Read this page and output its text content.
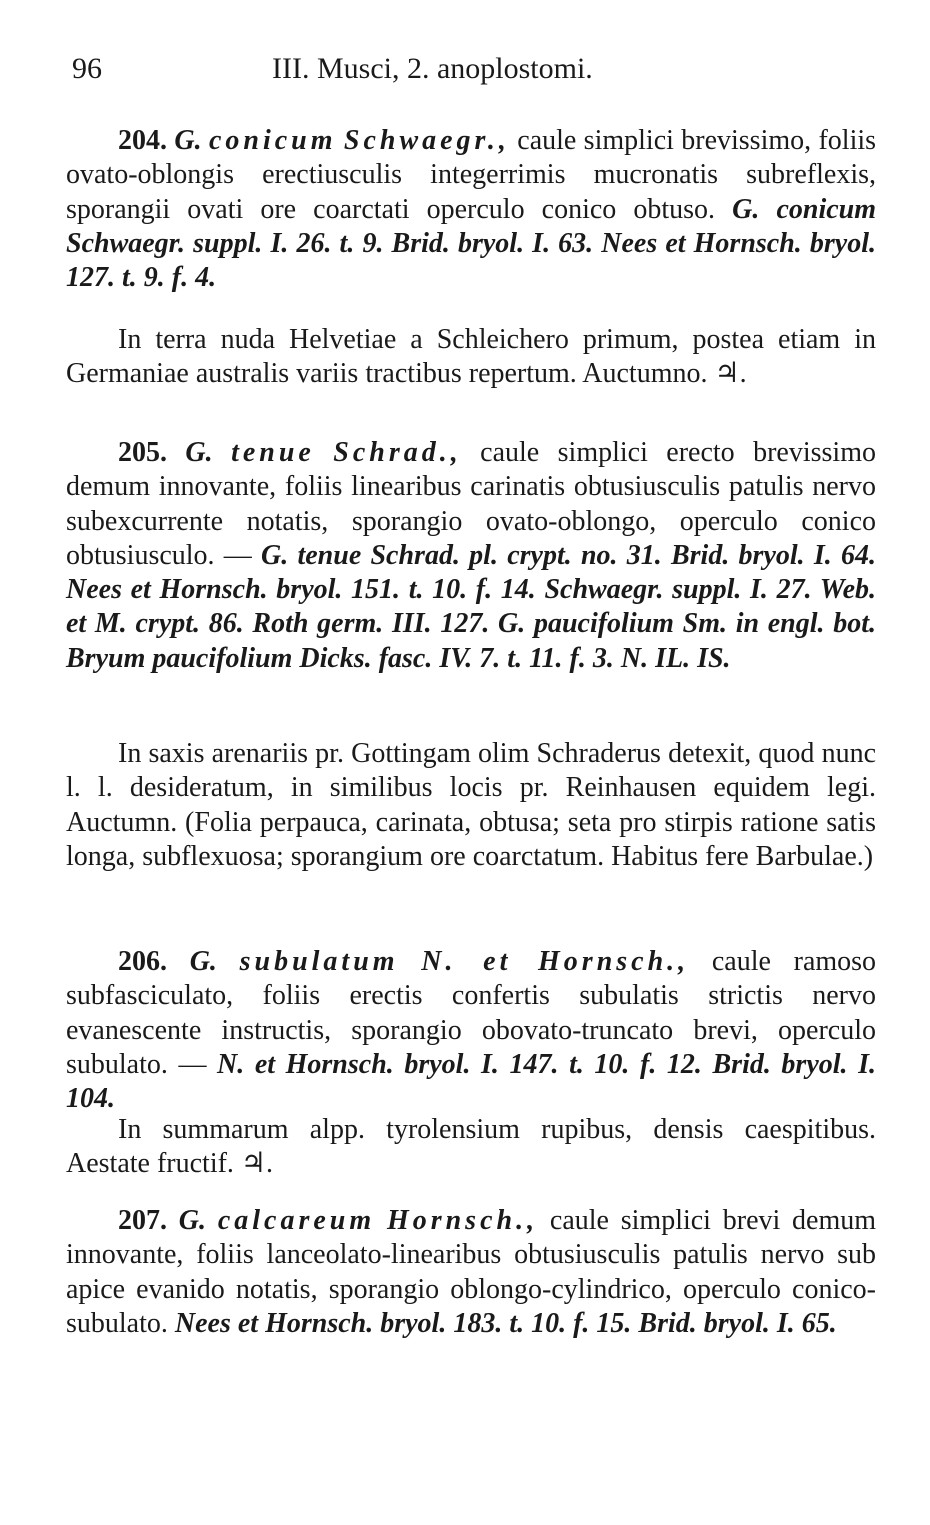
96	III. Musci, 2. anoplostomi.

204. G. conicum Schwaegr., caule simplici brevissimo, foliis ovato-oblongis erectiusculis integerrimis mucronatis subreflexis, sporangii ovati ore coarctati operculo conico obtuso. G. conicum Schwaegr. suppl. I. 26. t. 9. Brid. bryol. I. 63. Nees et Hornsch. bryol. 127. t. 9. f. 4.

In terra nuda Helvetiae a Schleichero primum, postea etiam in Germaniae australis variis tractibus repertum. Auctumno. ♃.

205. G. tenue Schrad., caule simplici erecto brevissimo demum innovante, foliis linearibus carinatis obtusiusculis patulis nervo subexcurrente notatis, sporangio ovato-oblongo, operculo conico obtusiusculo. — G. tenue Schrad. pl. crypt. no. 31. Brid. bryol. I. 64. Nees et Hornsch. bryol. 151. t. 10. f. 14. Schwaegr. suppl. I. 27. Web. et M. crypt. 86. Roth germ. III. 127. G. paucifolium Sm. in engl. bot. Bryum paucifolium Dicks. fasc. IV. 7. t. 11. f. 3. N. IL. IS.

In saxis arenariis pr. Gottingam olim Schraderus detexit, quod nunc l. l. desideratum, in similibus locis pr. Reinhausen equidem legi. Auctumn. (Folia perpauca, carinata, obtusa; seta pro stirpis ratione satis longa, subflexuosa; sporangium ore coarctatum. Habitus fere Barbulae.)

206. G. subulatum N. et Hornsch., caule ramoso subfasciculato, foliis erectis confertis subulatis strictis nervo evanescente instructis, sporangio obovato-truncato brevi, operculo subulato. — N. et Hornsch. bryol. I. 147. t. 10. f. 12. Brid. bryol. I. 104.

In summarum alpp. tyrolensium rupibus, densis caespitibus. Aestate fructif. ♃.

207. G. calcareum Hornsch., caule simplici brevi demum innovante, foliis lanceolato-linearibus obtusiusculis patulis nervo sub apice evanido notatis, sporangio oblongo-cylindrico, operculo conico-subulato. Nees et Hornsch. bryol. 183. t. 10. f. 15. Brid. bryol. I. 65.
